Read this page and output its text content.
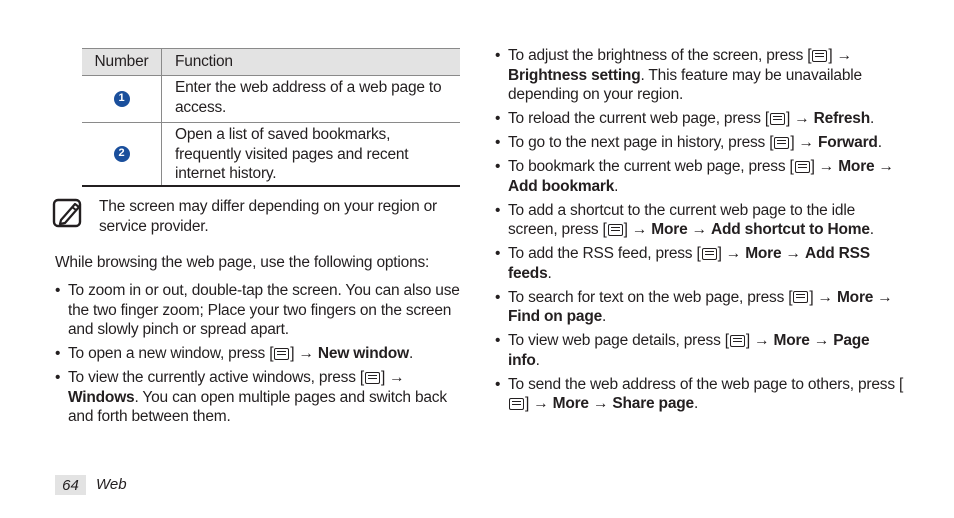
Number	Function
1
Enter the web address of a web page to access.
2
Open a list of saved bookmarks, frequently visited pages and recent internet history.
The screen may differ depending on your region or service provider.
While browsing the web page, use the following options:
• To zoom in or out, double-tap the screen. You can also use the two finger zoom; Place your two fingers on the screen and slowly pinch or spread apart.
• To open a new window, press [ ] → New window.
• To view the currently active windows, press [ ] → Windows. You can open multiple pages and switch back and forth between them.
• To adjust the brightness of the screen, press [ ] → Brightness setting. This feature may be unavailable depending on your region.
• To reload the current web page, press [ ] → Refresh.
• To go to the next page in history, press [ ] → Forward.
• To bookmark the current web page, press [ ] → More → Add bookmark.
• To add a shortcut to the current web page to the idle screen, press [ ] → More → Add shortcut to Home.
• To add the RSS feed, press [ ] → More → Add RSS feeds.
• To search for text on the web page, press [ ] → More → Find on page.
• To view web page details, press [ ] → More → Page info.
• To send the web address of the web page to others, press [] → More → Share page.
64	Web
